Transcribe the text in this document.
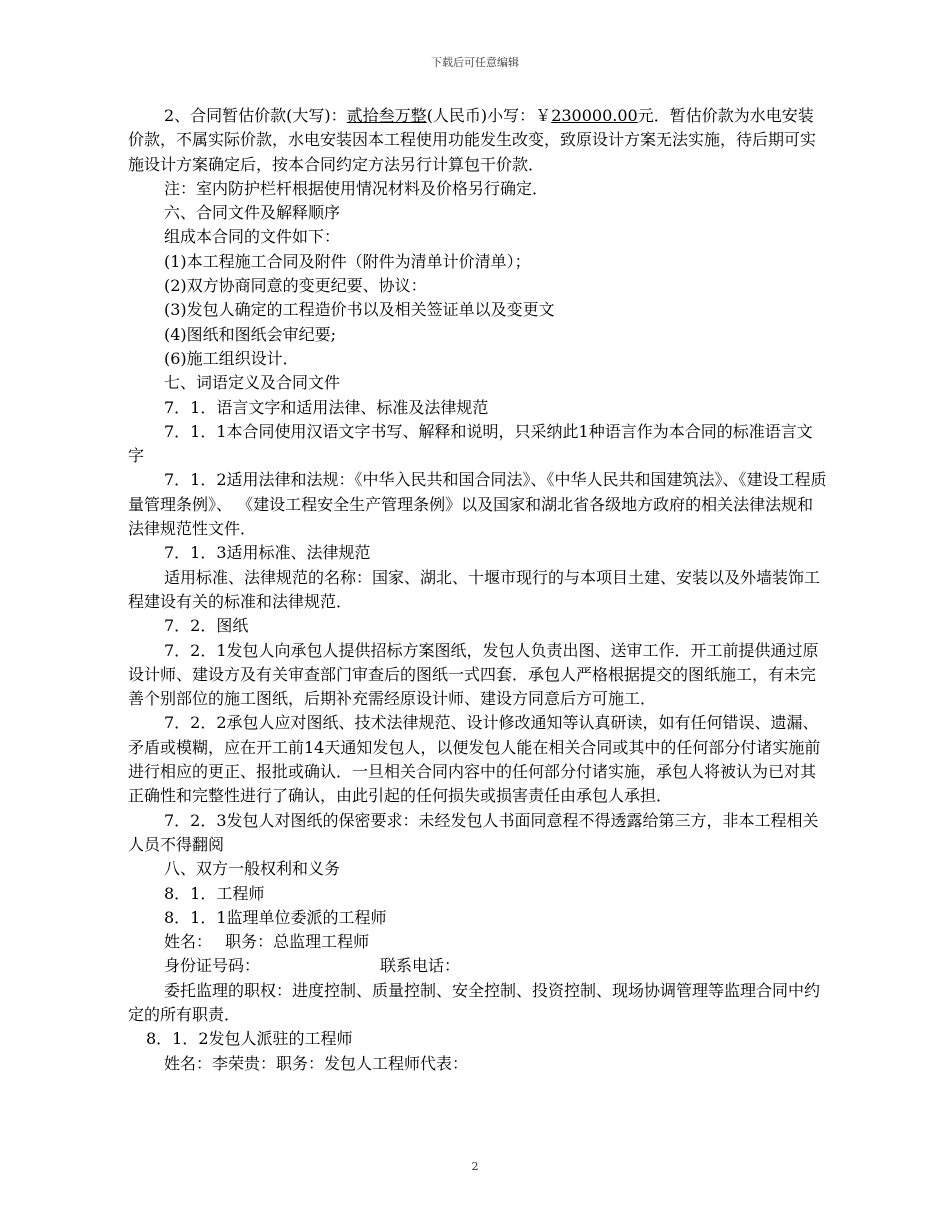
下载后可任意编辑

2、合同暂估价款(大写)：贰拾叁万整(人民币)小写：￥230000.00元．暂估价款为水电安装价款，不属实际价款，水电安装因本工程使用功能发生改变，致原设计方案无法实施，待后期可实施设计方案确定后，按本合同约定方法另行计算包干价款．

注：室内防护栏杆根据使用情况材料及价格另行确定．

六、合同文件及解释顺序

组成本合同的文件如下：

(1)本工程施工合同及附件（附件为清单计价清单）；

(2)双方协商同意的变更纪要、协议：

(3)发包人确定的工程造价书以及相关签证单以及变更文

(4)图纸和图纸会审纪要;

(6)施工组织设计．

七、词语定义及合同文件

7．1．语言文字和适用法律、标准及法律规范

7．1．1本合同使用汉语文字书写、解释和说明，只采纳此1种语言作为本合同的标准语言文字

7．1．2适用法律和法规：《中华入民共和国合同法》、《中华人民共和国建筑法》、《建设工程质量管理条例》、 《建设工程安全生产管理条例》以及国家和湖北省各级地方政府的相关法律法规和法律规范性文件．

7．1．3适用标准、法律规范

适用标准、法律规范的名称：国家、湖北、十堰市现行的与本项目土建、安装以及外墙装饰工程建设有关的标准和法律规范．

7．2．图纸

7．2．1发包人向承包人提供招标方案图纸，发包人负责出图、送审工作．开工前提供通过原设计师、建设方及有关审查部门审查后的图纸一式四套．承包人严格根据提交的图纸施工，有未完善个别部位的施工图纸，后期补充需经原设计师、建设方同意后方可施工．

7．2．2承包人应对图纸、技术法律规范、设计修改通知等认真研读，如有任何错误、遗漏、矛盾或模糊，应在开工前14天通知发包人，以便发包人能在相关合同或其中的任何部分付诸实施前进行相应的更正、报批或确认．一旦相关合同内容中的任何部分付诸实施，承包人将被认为已对其正确性和完整性进行了确认，由此引起的任何损失或损害责任由承包人承担．

7．2．3发包人对图纸的保密要求：未经发包人书面同意程不得透露给第三方，非本工程相关人员不得翻阅

八、双方一般权利和义务

8．1．工程师

8．1．1监理单位委派的工程师

姓名：　 职务：总监理工程师

身份证号码：　　　　　　　　联系电话：

委托监理的职权：进度控制、质量控制、安全控制、投资控制、现场协调管理等监理合同中约定的所有职责．

8．1．2发包人派驻的工程师

姓名：李荣贵：职务：发包人工程师代表：

2
